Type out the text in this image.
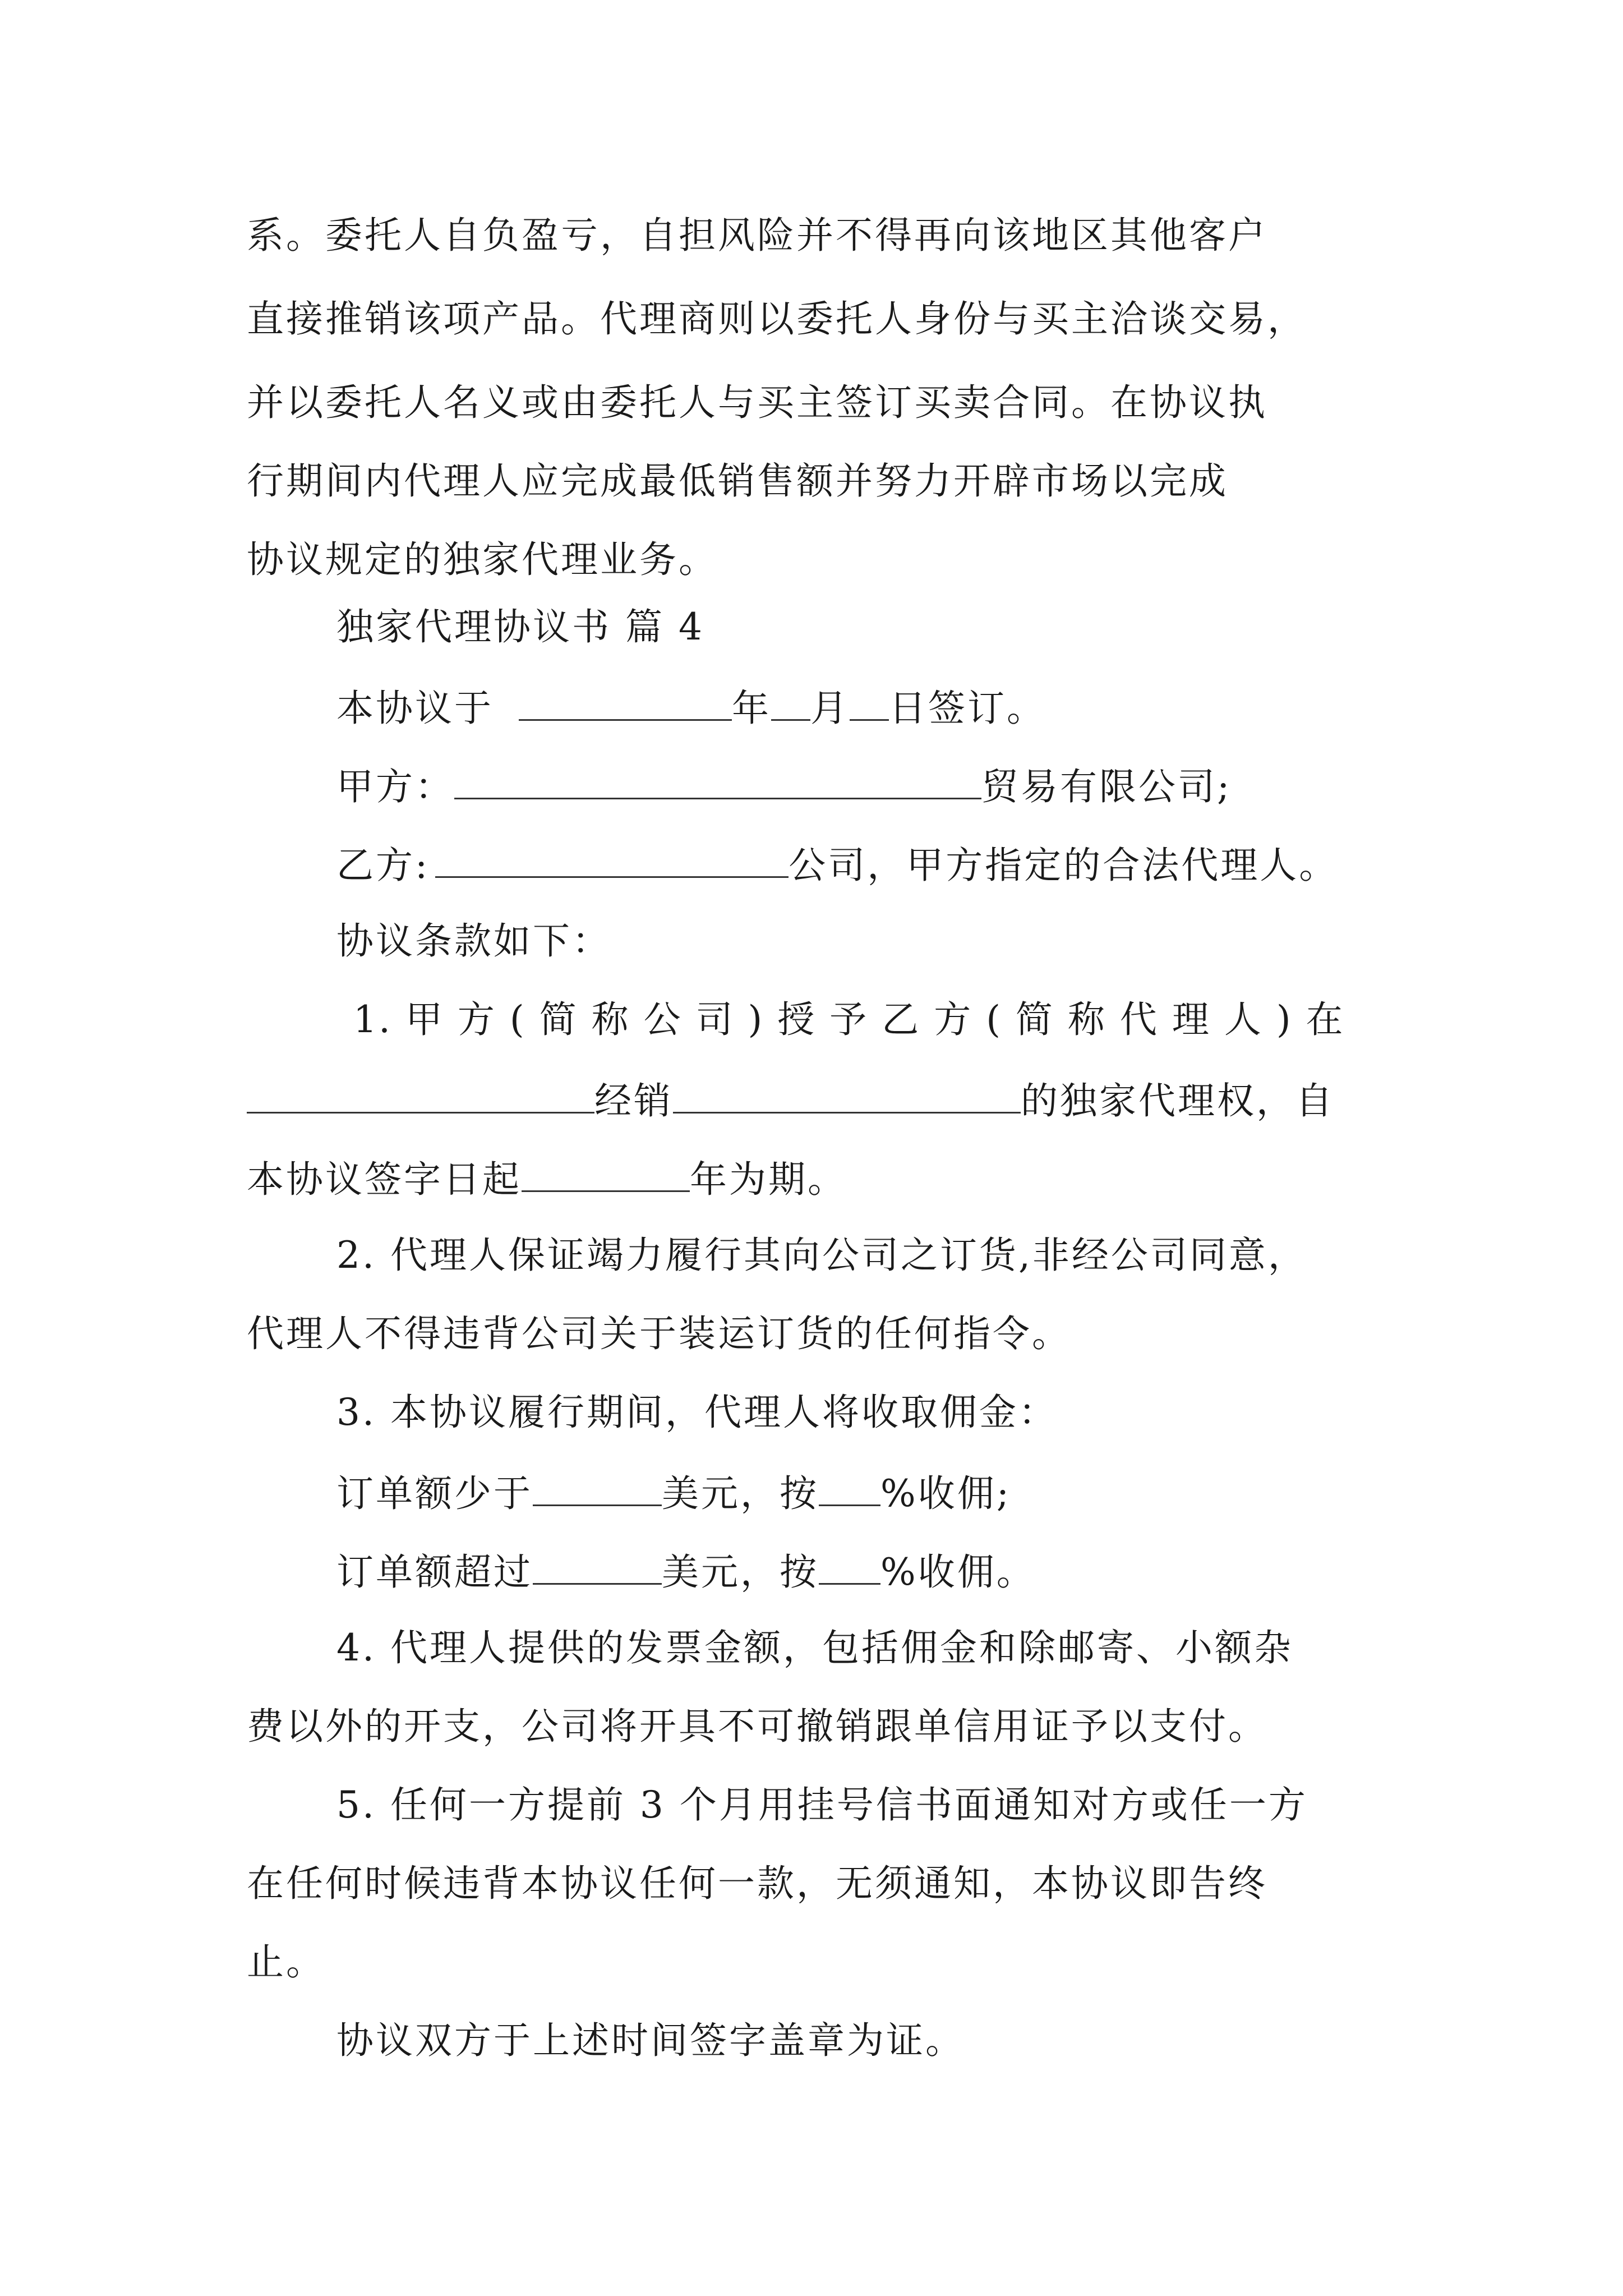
系。委托人自负盈亏，自担风险并不得再向该地区其他客户
直接推销该项产品。代理商则以委托人身份与买主洽谈交易，
并以委托人名义或由委托人与买主签订买卖合同。在协议执
行期间内代理人应完成最低销售额并努力开辟市场以完成
协议规定的独家代理业务。
独家代理协议书 篇 4
本协议于	年 月 日签订。
甲方：	贸易有限公司;
乙方:	公司，甲方指定的合法代理人。
协议条款如下：
1. 甲 方 ( 简 称 公 司 ) 授 予 乙 方 ( 简 称 代 理 人 ) 在
经销	的独家代理权，自
本协议签字日起	年为期。
2. 代理人保证竭力履行其向公司之订货,非经公司同意，
代理人不得违背公司关于装运订货的任何指令。
3. 本协议履行期间，代理人将收取佣金：
订单额少于	美元，按 %收佣;
订单额超过	美元，按 %收佣。
4. 代理人提供的发票金额，包括佣金和除邮寄、小额杂
费以外的开支，公司将开具不可撤销跟单信用证予以支付。
5. 任何一方提前 3 个月用挂号信书面通知对方或任一方
在任何时候违背本协议任何一款，无须通知，本协议即告终
止。
协议双方于上述时间签字盖章为证。
